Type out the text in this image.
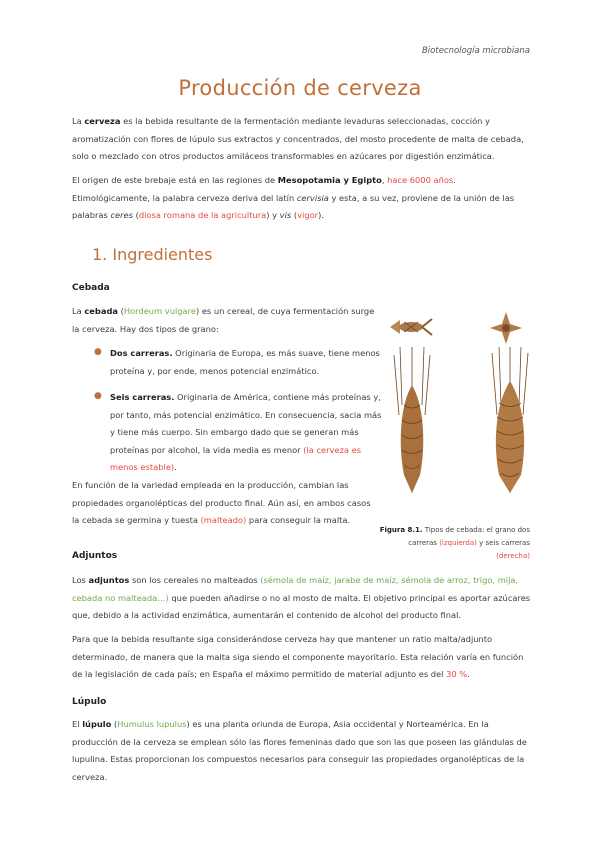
Biotecnología microbiana
Producción de cerveza
La cerveza es la bebida resultante de la fermentación mediante levaduras seleccionadas, cocción y aromatización con flores de lúpulo sus extractos y concentrados, del mosto procedente de malta de cebada, solo o mezclado con otros productos amiláceos transformables en azúcares por digestión enzimática.
El origen de este brebaje está en las regiones de Mesopotamia y Egipto, hace 6000 años. Etimológicamente, la palabra cerveza deriva del latín cervisia y esta, a su vez, proviene de la unión de las palabras ceres (diosa romana de la agricultura) y vis (vigor).
1. Ingredientes
Cebada
La cebada (Hordeum vulgare) es un cereal, de cuya fermentación surge la cerveza. Hay dos tipos de grano:
● Dos carreras. Originaria de Europa, es más suave, tiene menos proteína y, por ende, menos potencial enzimático.
● Seis carreras. Originaria de América, contiene más proteínas y, por tanto, más potencial enzimático. En consecuencia, sacia más y tiene más cuerpo. Sin embargo dado que se generan más proteínas por alcohol, la vida media es menor (la cerveza es menos estable).
En función de la variedad empleada en la producción, cambian las propiedades organolépticas del producto final. Aún así, en ambos casos la cebada se germina y tuesta (malteado) para conseguir la malta.
Figura 8.1. Tipos de cebada: el grano dos carreras (izquierda) y seis carreras (derecha)
Adjuntos
Los adjuntos son los cereales no malteados (sémola de maíz, jarabe de maíz, sémola de arroz, trigo, mija, cebada no malteada…) que pueden añadirse o no al mosto de malta. El objetivo principal es aportar azúcares que, debido a la actividad enzimática, aumentarán el contenido de alcohol del producto final.
Para que la bebida resultante siga considerándose cerveza hay que mantener un ratio malta/adjunto determinado, de manera que la malta siga siendo el componente mayoritario. Esta relación varía en función de la legislación de cada país; en España el máximo permitido de material adjunto es del 30 %.
Lúpulo
El lúpulo (Humulus lupulus) es una planta oriunda de Europa, Asia occidental y Norteamérica. En la producción de la cerveza se emplean sólo las flores femeninas dado que son las que poseen las glándulas de lupulina. Estas proporcionan los compuestos necesarios para conseguir las propiedades organolépticas de la cerveza.
